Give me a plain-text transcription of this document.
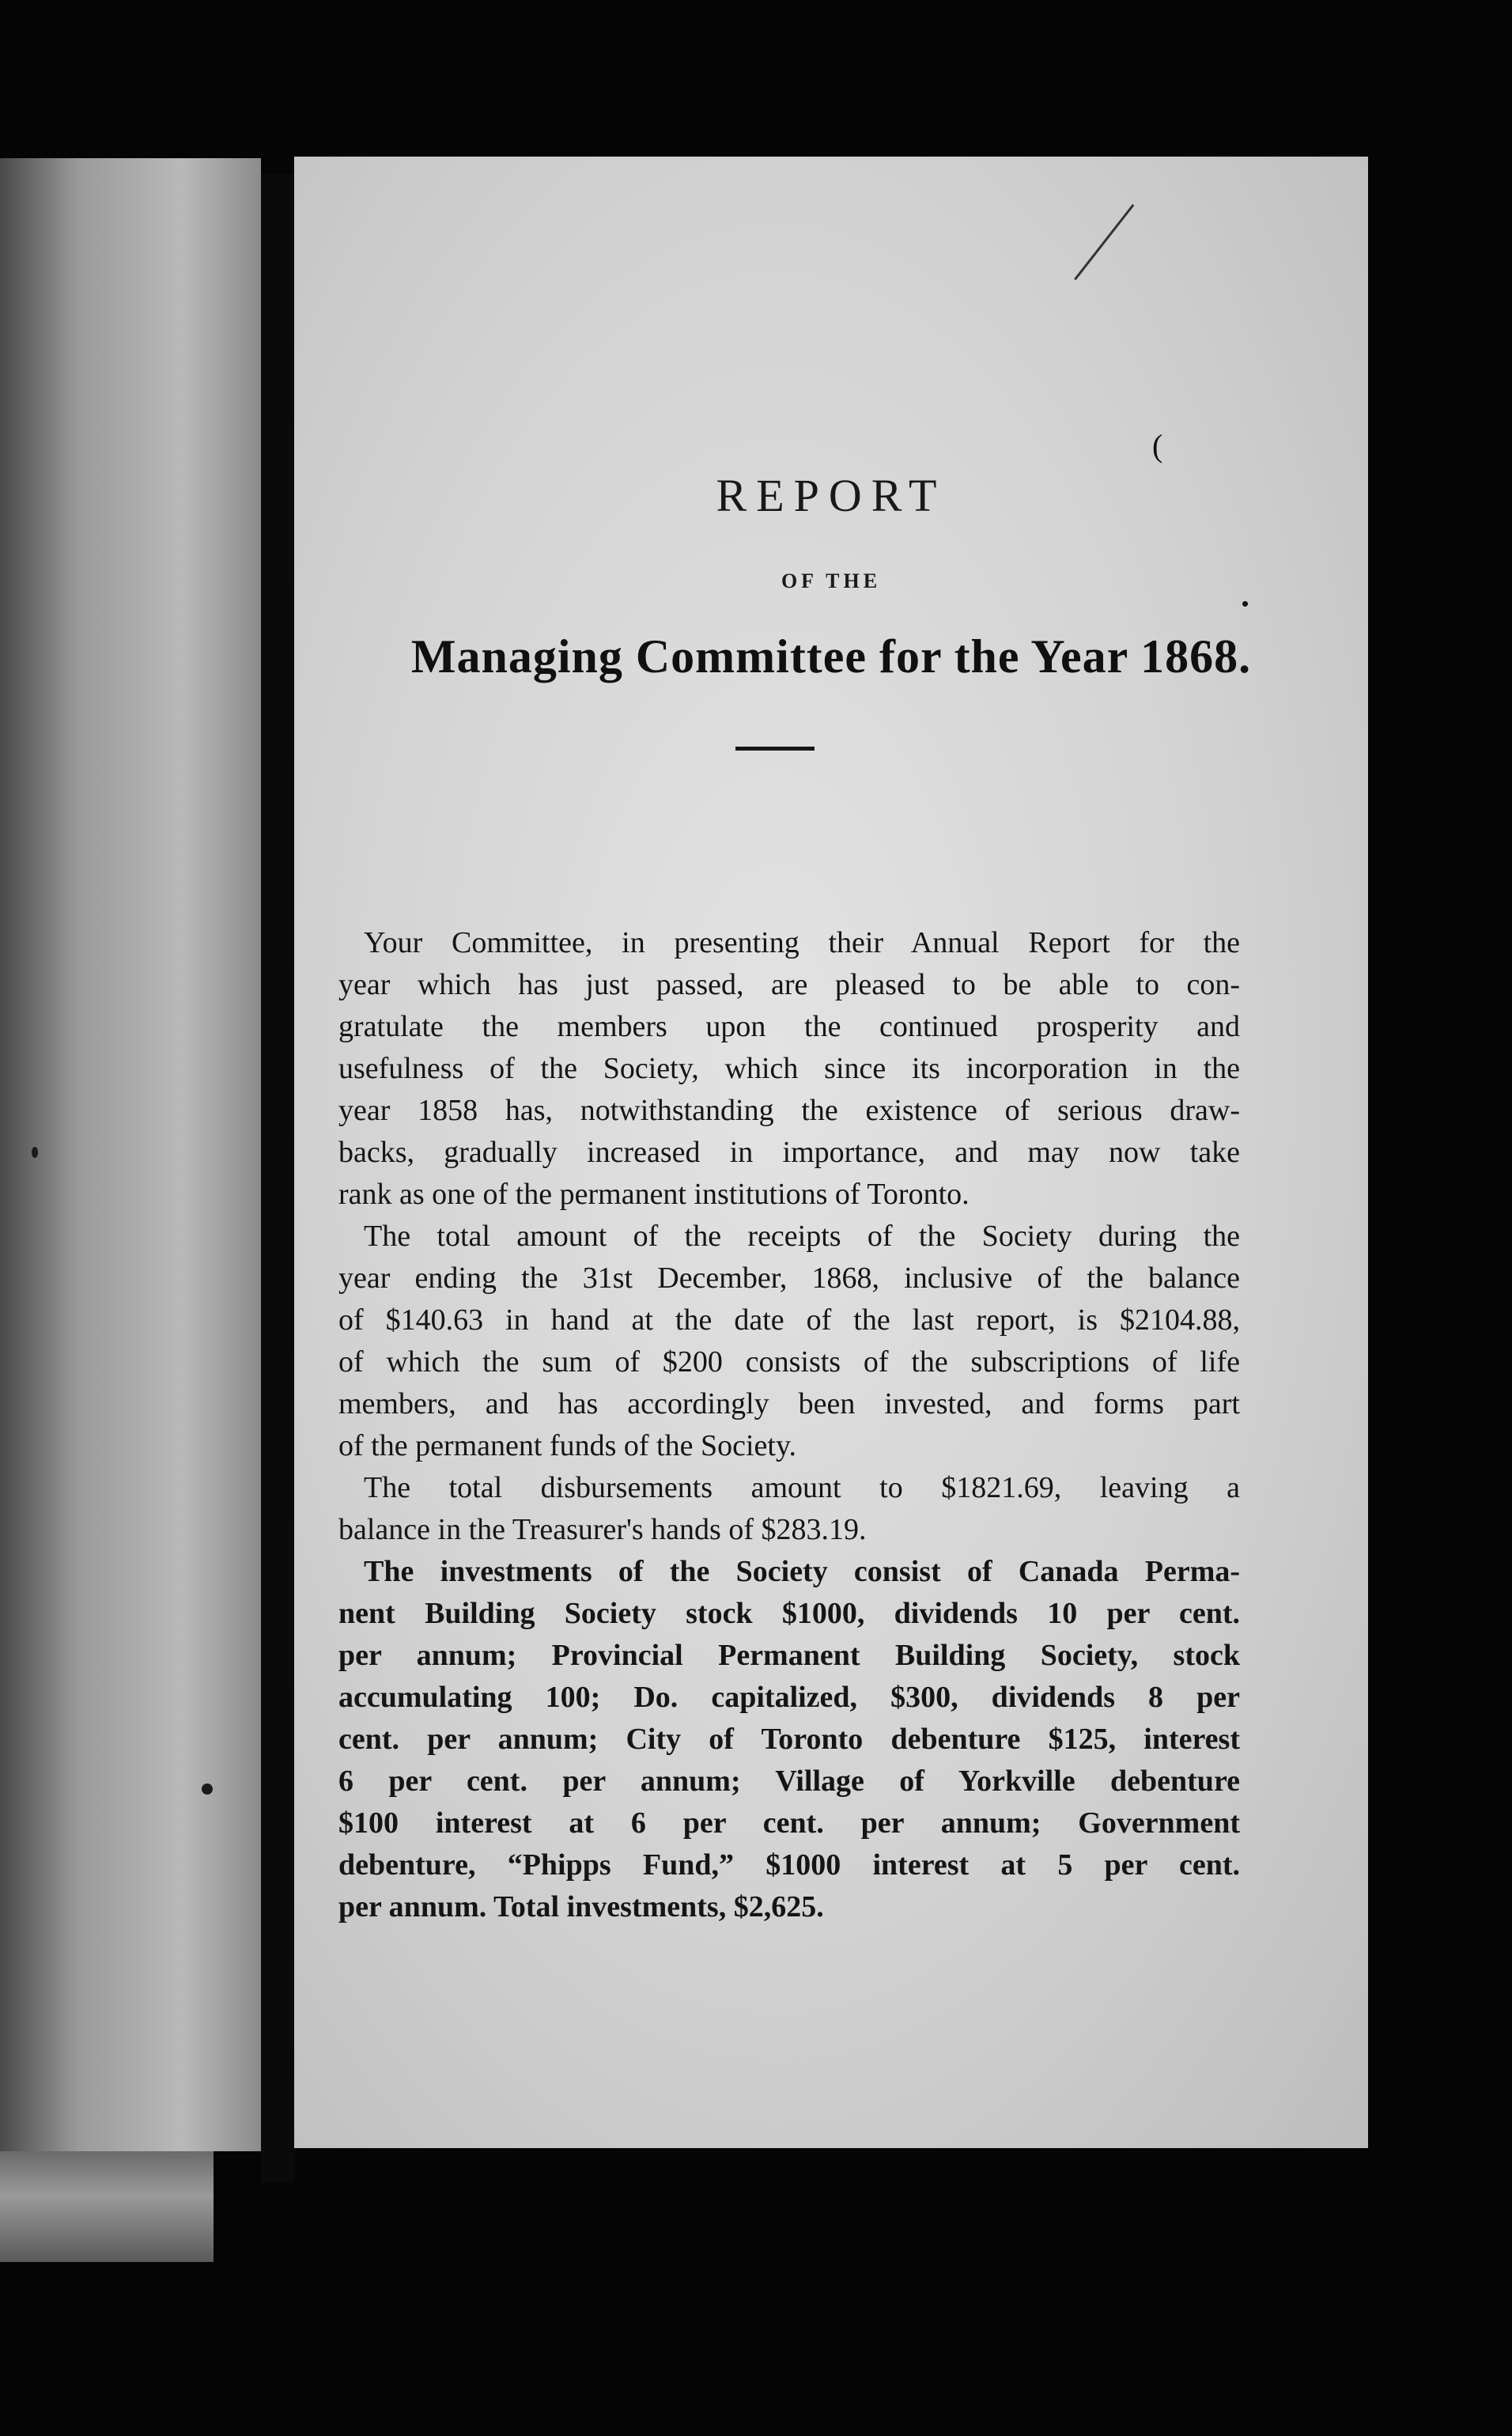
(
REPORT
OF THE
Managing Committee for the Year 1868.
Your Committee, in presenting their Annual Report for the
year which has just passed, are pleased to be able to con-
gratulate the members upon the continued prosperity and
usefulness of the Society, which since its incorporation in the
year 1858 has, notwithstanding the existence of serious draw-
backs, gradually increased in importance, and may now take
rank as one of the permanent institutions of Toronto.
The total amount of the receipts of the Society during the
year ending the 31st December, 1868, inclusive of the balance
of $140.63 in hand at the date of the last report, is $2104.88,
of which the sum of $200 consists of the subscriptions of life
members, and has accordingly been invested, and forms part
of the permanent funds of the Society.
The total disbursements amount to $1821.69, leaving a
balance in the Treasurer's hands of $283.19.
The investments of the Society consist of Canada Perma-
nent Building Society stock $1000, dividends 10 per cent.
per annum; Provincial Permanent Building Society, stock
accumulating 100; Do. capitalized, $300, dividends 8 per
cent. per annum; City of Toronto debenture $125, interest
6 per cent. per annum; Village of Yorkville debenture
$100 interest at 6 per cent. per annum; Government
debenture, “Phipps Fund,” $1000 interest at 5 per cent.
per annum. Total investments, $2,625.
